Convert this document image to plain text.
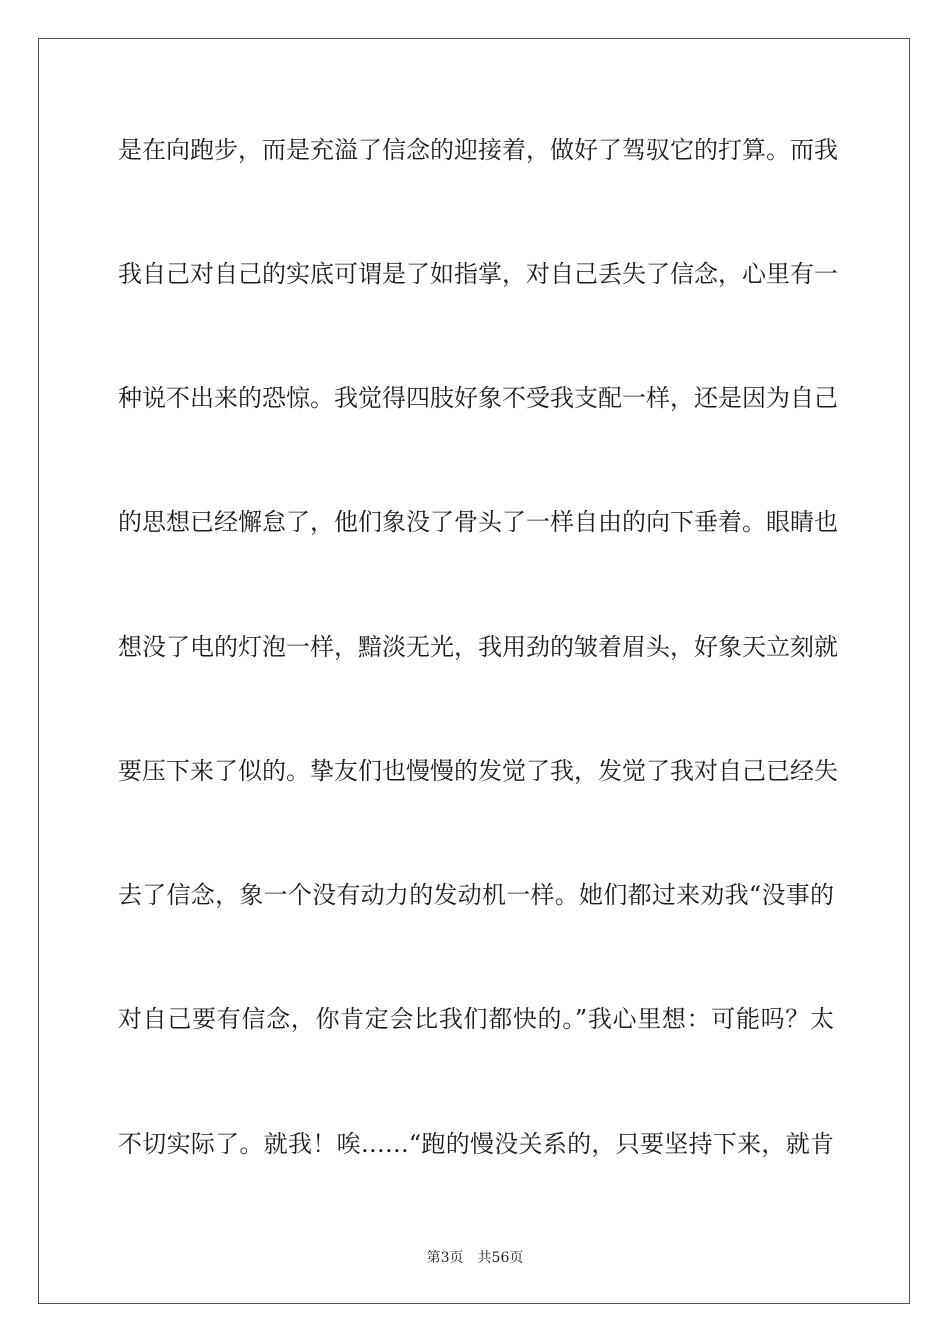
是在向跑步，而是充溢了信念的迎接着，做好了驾驭它的打算。而我
我自己对自己的实底可谓是了如指掌，对自己丢失了信念，心里有一
种说不出来的恐惊。我觉得四肢好象不受我支配一样，还是因为自己
的思想已经懈怠了，他们象没了骨头了一样自由的向下垂着。眼睛也
想没了电的灯泡一样，黯淡无光，我用劲的皱着眉头，好象天立刻就
要压下来了似的。挚友们也慢慢的发觉了我，发觉了我对自己已经失
去了信念，象一个没有动力的发动机一样。她们都过来劝我“没事的
对自己要有信念，你肯定会比我们都快的。”我心里想：可能吗？太
不切实际了。就我！唉……“跑的慢没关系的，只要坚持下来，就肯
第3页 共56页
